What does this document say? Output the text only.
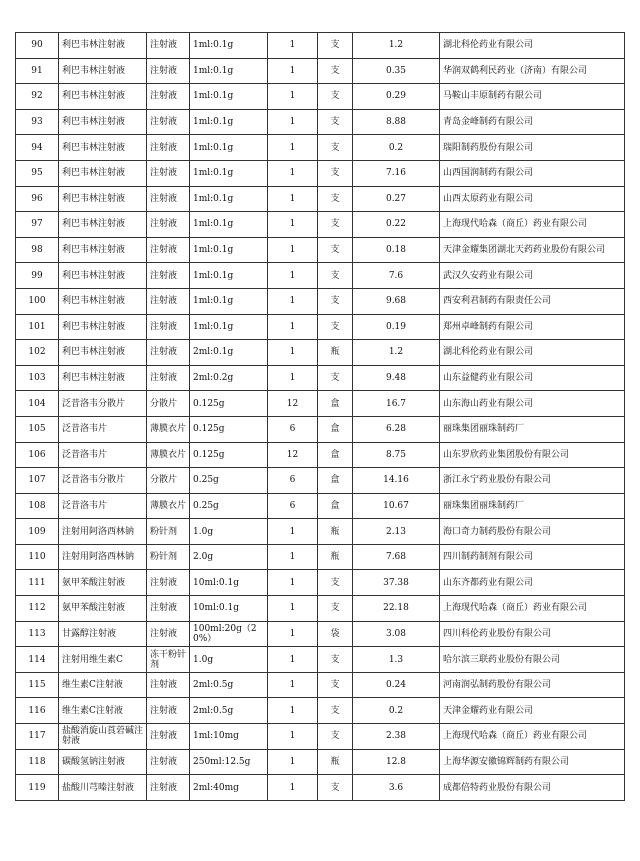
90	利巴韦林注射液	注射液	1ml:0.1g	1	支	1.2	湖北科伦药业有限公司
91	利巴韦林注射液	注射液	1ml:0.1g	1	支	0.35	华润双鹤利民药业（济南）有限公司
92	利巴韦林注射液	注射液	1ml:0.1g	1	支	0.29	马鞍山丰原制药有限公司
93	利巴韦林注射液	注射液	1ml:0.1g	1	支	8.88	青岛金峰制药有限公司
94	利巴韦林注射液	注射液	1ml:0.1g	1	支	0.2	瑞阳制药股份有限公司
95	利巴韦林注射液	注射液	1ml:0.1g	1	支	7.16	山西国润制药有限公司
96	利巴韦林注射液	注射液	1ml:0.1g	1	支	0.27	山西太原药业有限公司
97	利巴韦林注射液	注射液	1ml:0.1g	1	支	0.22	上海现代哈森（商丘）药业有限公司
98	利巴韦林注射液	注射液	1ml:0.1g	1	支	0.18	天津金耀集团湖北天药药业股份有限公司
99	利巴韦林注射液	注射液	1ml:0.1g	1	支	7.6	武汉久安药业有限公司
100	利巴韦林注射液	注射液	1ml:0.1g	1	支	9.68	西安利君制药有限责任公司
101	利巴韦林注射液	注射液	1ml:0.1g	1	支	0.19	郑州卓峰制药有限公司
102	利巴韦林注射液	注射液	2ml:0.1g	1	瓶	1.2	湖北科伦药业有限公司
103	利巴韦林注射液	注射液	2ml:0.2g	1	支	9.48	山东益健药业有限公司
104	泛昔洛韦分散片	分散片	0.125g	12	盒	16.7	山东海山药业有限公司
105	泛昔洛韦片	薄膜衣片	0.125g	6	盒	6.28	丽珠集团丽珠制药厂
106	泛昔洛韦片	薄膜衣片	0.125g	12	盒	8.75	山东罗欣药业集团股份有限公司
107	泛昔洛韦分散片	分散片	0.25g	6	盒	14.16	浙江永宁药业股份有限公司
108	泛昔洛韦片	薄膜衣片	0.25g	6	盒	10.67	丽珠集团丽珠制药厂
109	注射用阿洛西林钠	粉针剂	1.0g	1	瓶	2.13	海口奇力制药股份有限公司
110	注射用阿洛西林钠	粉针剂	2.0g	1	瓶	7.68	四川制药制剂有限公司
111	氨甲苯酸注射液	注射液	10ml:0.1g	1	支	37.38	山东齐都药业有限公司
112	氨甲苯酸注射液	注射液	10ml:0.1g	1	支	22.18	上海现代哈森（商丘）药业有限公司
113	甘露醇注射液	注射液	100ml:20g（20%）	1	袋	3.08	四川科伦药业股份有限公司
114	注射用维生素C	冻干粉针剂	1.0g	1	支	1.3	哈尔滨三联药业股份有限公司
115	维生素C注射液	注射液	2ml:0.5g	1	支	0.24	河南润弘制药股份有限公司
116	维生素C注射液	注射液	2ml:0.5g	1	支	0.2	天津金耀药业有限公司
117	盐酸消旋山莨菪碱注射液	注射液	1ml:10mg	1	支	2.38	上海现代哈森（商丘）药业有限公司
118	碳酸氢钠注射液	注射液	250ml:12.5g	1	瓶	12.8	上海华源安徽锦辉制药有限公司
119	盐酸川芎嗪注射液	注射液	2ml:40mg	1	支	3.6	成都倍特药业股份有限公司
